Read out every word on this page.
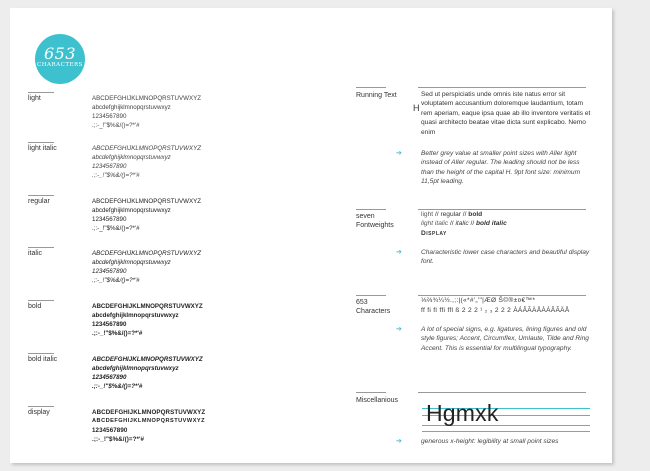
653
CHARACTERS
light	ABCDEFGHIJKLMNOPQRSTUVWXYZ
abcdefghijklmnopqrstuvwxyz
1234567890
.;:-_!"$%&/()=?*'#
light italic	ABCDEFGHIJKLMNOPQRSTUVWXYZ
abcdefghijklmnopqrstuvwxyz
1234567890
.;:-_!"$%&/()=?*'#
regular	ABCDEFGHIJKLMNOPQRSTUVWXYZ
abcdefghijklmnopqrstuvwxyz
1234567890
.;:-_!"$%&/()=?*'#
italic	ABCDEFGHIJKLMNOPQRSTUVWXYZ
abcdefghijklmnopqrstuvwxyz
1234567890
.;:-_!"$%&/()=?*'#
bold	ABCDEFGHIJKLMNOPQRSTUVWXYZ
abcdefghijklmnopqrstuvwxyz
1234567890
.;:-_!"$%&/()=?*'#
bold italic	ABCDEFGHIJKLMNOPQRSTUVWXYZ
abcdefghijklmnopqrstuvwxyz
1234567890
.;:-_!"$%&/()=?*'#
display	ABCDEFGHIJKLMNOPQRSTUVWXYZ
ABCDEFGHIJKLMNOPQRSTUVWXYZ
1234567890
.;:-_!"$%&/()=?*'#
Running Text
H
Sed ut perspiciatis unde omnis iste natus error sit voluptatem accusantium doloremque laudantium, totam rem aperiam, eaque ipsa quae ab illo inventore veritatis et quasi architecto beatae vitae dicta sunt explicabo. Nemo enim
➔	Better grey value at smaller point sizes with Aller light instead of Aller regular. The leading should not be less than the height of the capital H. 9pt font size: minimum 11,5pt leading.
seven
Fontweights
light // regular // bold
light italic // italic // bold italic
Display
➔	Characteristic lower case characters and beautiful display font.
653
Characters
⅓⅔¾¼½.,;:|(«*#'„'"|ÆØ Š©®±¤€™*
ff fi fl ffi ffl ß 2 2 2 ¹ ₂ ₃ 2 2 2 ÀÁÂÃÄÅÀÁÂÃÄÅ
➔	A lot of special signs, e.g. ligatures, lining figures and old style figures; Accent, Circumflex, Umlaute, Tilde and Ring Accent. This is essential for multilingual typography.
Miscellanious Hgmxk
➔	generous x-height: legibility at small point sizes
